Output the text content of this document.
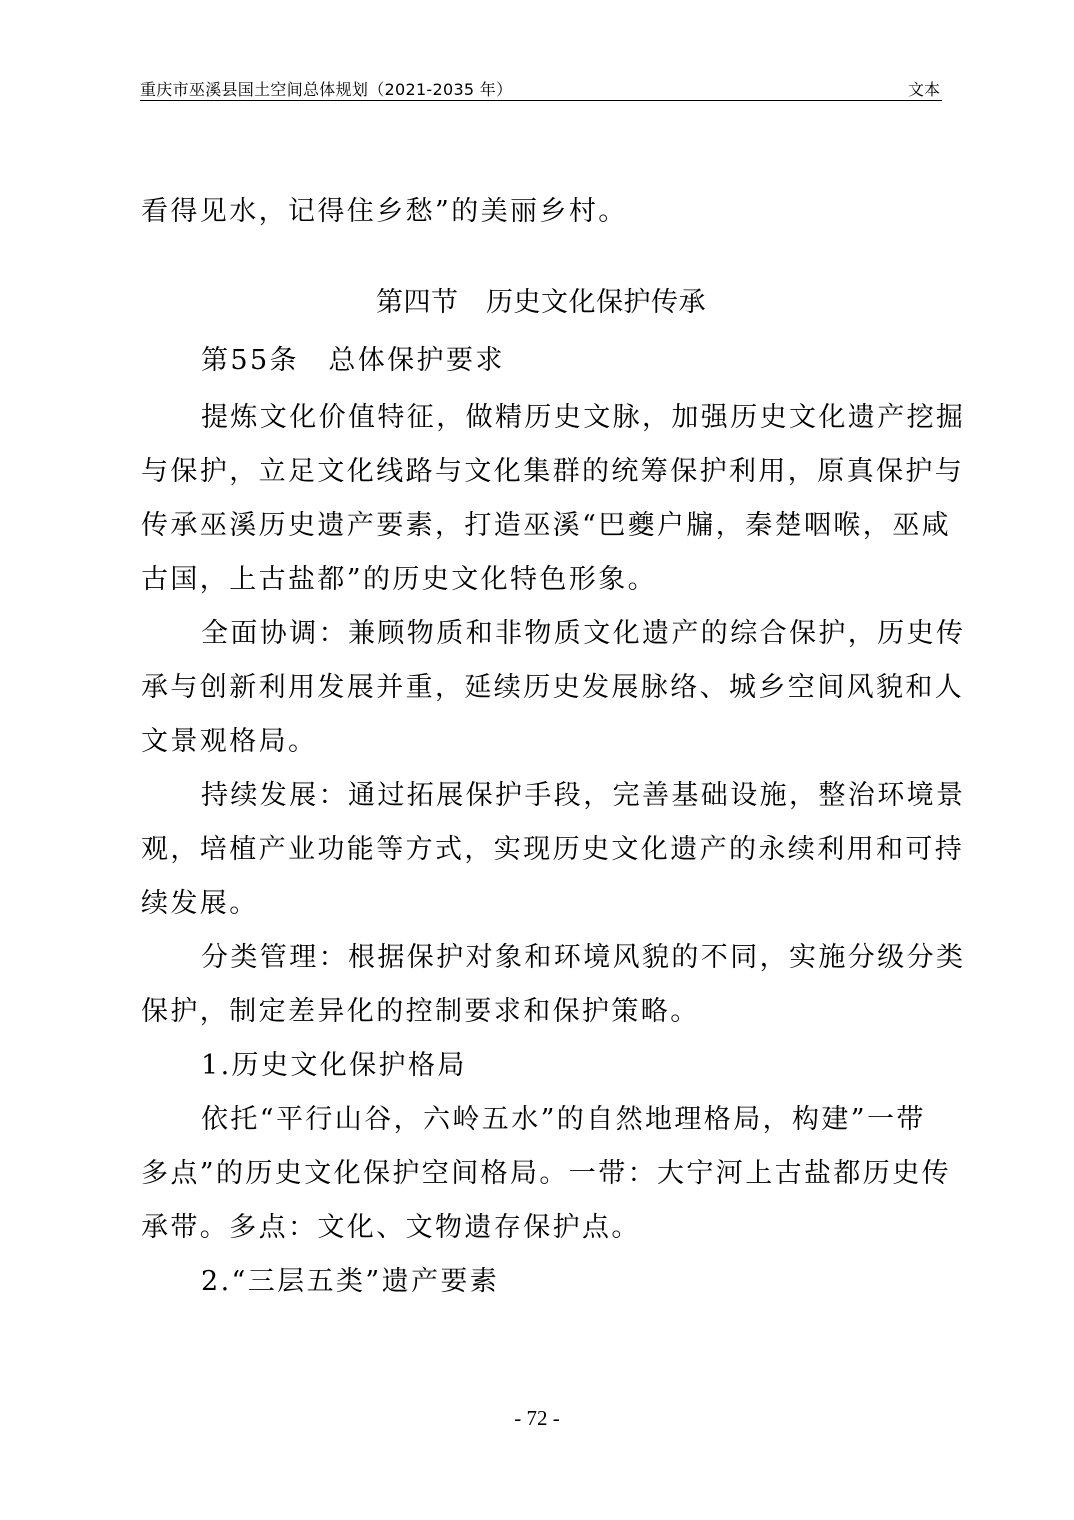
重庆市巫溪县国土空间总体规划（2021-2035 年）	文本
看得见水，记得住乡愁”的美丽乡村。
第四节　历史文化保护传承
第55条　总体保护要求
提炼文化价值特征，做精历史文脉，加强历史文化遗产挖掘
与保护，立足文化线路与文化集群的统筹保护利用，原真保护与
传承巫溪历史遗产要素，打造巫溪“巴夔户牖，秦楚咽喉，巫咸
古国，上古盐都”的历史文化特色形象。
全面协调：兼顾物质和非物质文化遗产的综合保护，历史传
承与创新利用发展并重，延续历史发展脉络、城乡空间风貌和人
文景观格局。
持续发展：通过拓展保护手段，完善基础设施，整治环境景
观，培植产业功能等方式，实现历史文化遗产的永续利用和可持
续发展。
分类管理：根据保护对象和环境风貌的不同，实施分级分类
保护，制定差异化的控制要求和保护策略。
1.历史文化保护格局
依托“平行山谷，六岭五水”的自然地理格局，构建”一带
多点”的历史文化保护空间格局。一带：大宁河上古盐都历史传
承带。多点：文化、文物遗存保护点。
2.“三层五类”遗产要素
- 72 -
